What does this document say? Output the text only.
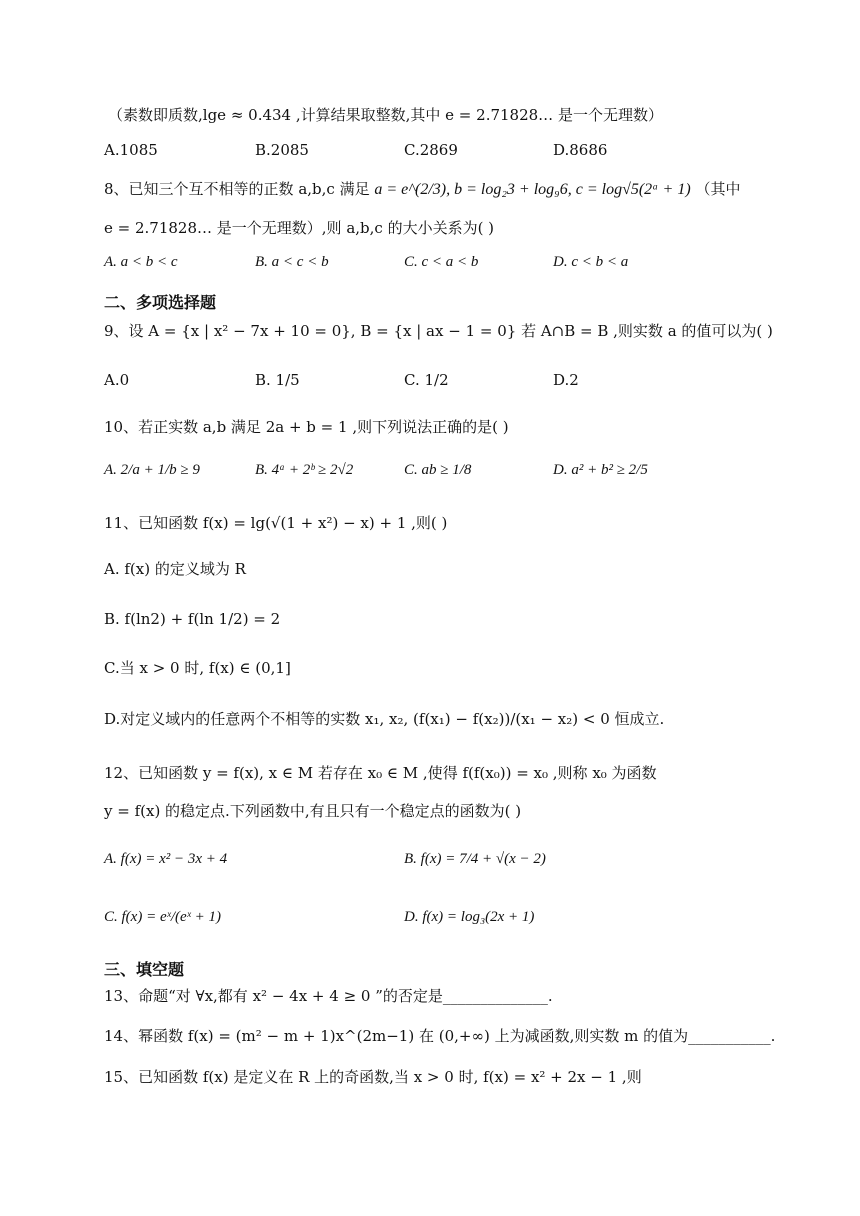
（素数即质数,lge ≈ 0.434 ,计算结果取整数,其中 e = 2.71828… 是一个无理数）
A.1085	B.2085	C.2869	D.8686
8、已知三个互不相等的正数 a,b,c 满足 a = e^(2/3), b = log₂3 + log₉6, c = log√5(2ᵃ + 1) （其中
e = 2.71828… 是一个无理数）,则 a,b,c 的大小关系为( )
A. a < b < c	B. a < c < b	C. c < a < b	D. c < b < a
二、多项选择题
9、设 A = {x | x² − 7x + 10 = 0}, B = {x | ax − 1 = 0} 若 A∩B = B ,则实数 a 的值可以为( )
A.0	B. 1/5	C. 1/2	D.2
10、若正实数 a,b 满足 2a + b = 1 ,则下列说法正确的是( )
A. 2/a + 1/b ≥ 9	B. 4ᵃ + 2ᵇ ≥ 2√2	C. ab ≥ 1/8	D. a² + b² ≥ 2/5
11、已知函数 f(x) = lg(√(1 + x²) − x) + 1 ,则( )
A. f(x) 的定义域为 R
B. f(ln2) + f(ln 1/2) = 2
C.当 x > 0 时, f(x) ∈ (0,1]
D.对定义域内的任意两个不相等的实数 x₁, x₂, (f(x₁) − f(x₂))/(x₁ − x₂) < 0 恒成立.
12、已知函数 y = f(x), x ∈ M 若存在 x₀ ∈ M ,使得 f(f(x₀)) = x₀ ,则称 x₀ 为函数
y = f(x) 的稳定点.下列函数中,有且只有一个稳定点的函数为( )
A. f(x) = x² − 3x + 4	B. f(x) = 7/4 + √(x − 2)
C. f(x) = eˣ/(eˣ + 1)	D. f(x) = log₃(2x + 1)
三、填空题
13、命题“对 ∀x,都有 x² − 4x + 4 ≥ 0 ”的否定是______________.
14、幂函数 f(x) = (m² − m + 1)x^(2m−1) 在 (0,+∞) 上为减函数,则实数 m 的值为___________.
15、已知函数 f(x) 是定义在 R 上的奇函数,当 x > 0 时, f(x) = x² + 2x − 1 ,则
